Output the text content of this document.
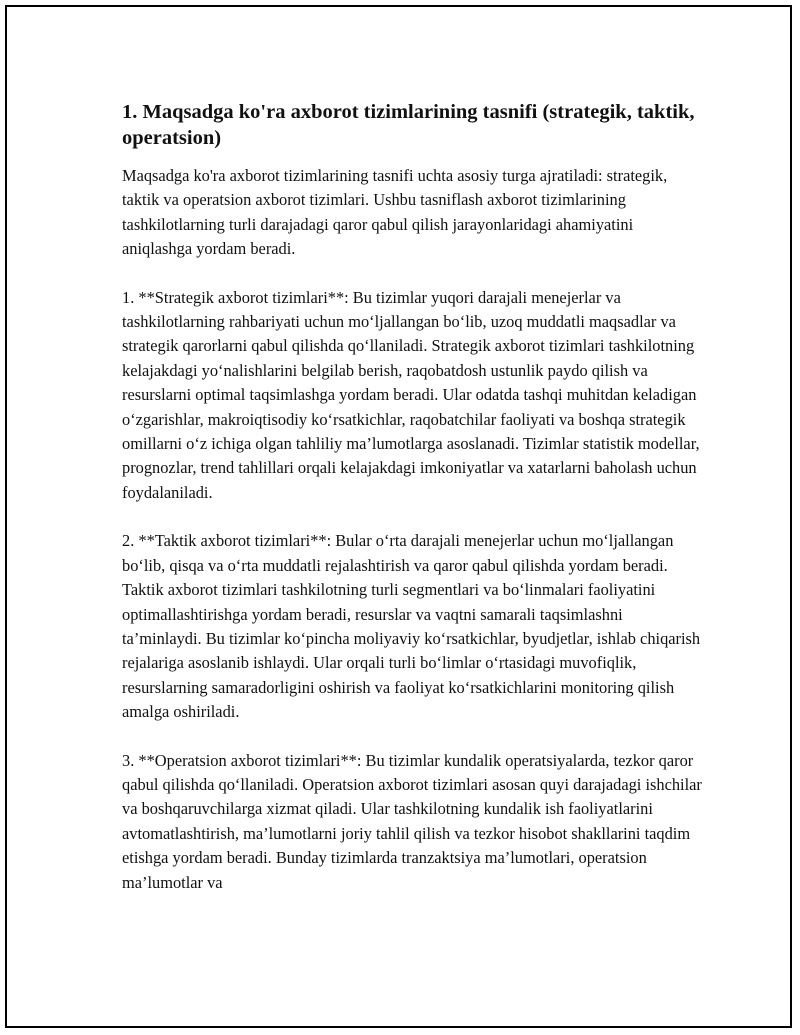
1. Maqsadga ko'ra axborot tizimlarining tasnifi (strategik, taktik, operatsion)

Maqsadga ko'ra axborot tizimlarining tasnifi uchta asosiy turga ajratiladi: strategik, taktik va operatsion axborot tizimlari. Ushbu tasniflash axborot tizimlarining tashkilotlarning turli darajadagi qaror qabul qilish jarayonlaridagi ahamiyatini aniqlashga yordam beradi.

1. **Strategik axborot tizimlari**: Bu tizimlar yuqori darajali menejerlar va tashkilotlarning rahbariyati uchun mo‘ljallangan bo‘lib, uzoq muddatli maqsadlar va strategik qarorlarni qabul qilishda qo‘llaniladi. Strategik axborot tizimlari tashkilotning kelajakdagi yo‘nalishlarini belgilab berish, raqobatdosh ustunlik paydo qilish va resurslarni optimal taqsimlashga yordam beradi. Ular odatda tashqi muhitdan keladigan o‘zgarishlar, makroiqtisodiy ko‘rsatkichlar, raqobatchilar faoliyati va boshqa strategik omillarni o‘z ichiga olgan tahliliy ma’lumotlarga asoslanadi. Tizimlar statistik modellar, prognozlar, trend tahlillari orqali kelajakdagi imkoniyatlar va xatarlarni baholash uchun foydalaniladi.

2. **Taktik axborot tizimlari**: Bular o‘rta darajali menejerlar uchun mo‘ljallangan bo‘lib, qisqa va o‘rta muddatli rejalashtirish va qaror qabul qilishda yordam beradi. Taktik axborot tizimlari tashkilotning turli segmentlari va bo‘linmalari faoliyatini optimallashtirishga yordam beradi, resurslar va vaqtni samarali taqsimlashni ta’minlaydi. Bu tizimlar ko‘pincha moliyaviy ko‘rsatkichlar, byudjetlar, ishlab chiqarish rejalariga asoslanib ishlaydi. Ular orqali turli bo‘limlar o‘rtasidagi muvofiqlik, resurslarning samaradorligini oshirish va faoliyat ko‘rsatkichlarini monitoring qilish amalga oshiriladi.

3. **Operatsion axborot tizimlari**: Bu tizimlar kundalik operatsiyalarda, tezkor qaror qabul qilishda qo‘llaniladi. Operatsion axborot tizimlari asosan quyi darajadagi ishchilar va boshqaruvchilarga xizmat qiladi. Ular tashkilotning kundalik ish faoliyatlarini avtomatlashtirish, ma’lumotlarni joriy tahlil qilish va tezkor hisobot shakllarini taqdim etishga yordam beradi. Bunday tizimlarda tranzaktsiya ma’lumotlari, operatsion ma’lumotlar va
